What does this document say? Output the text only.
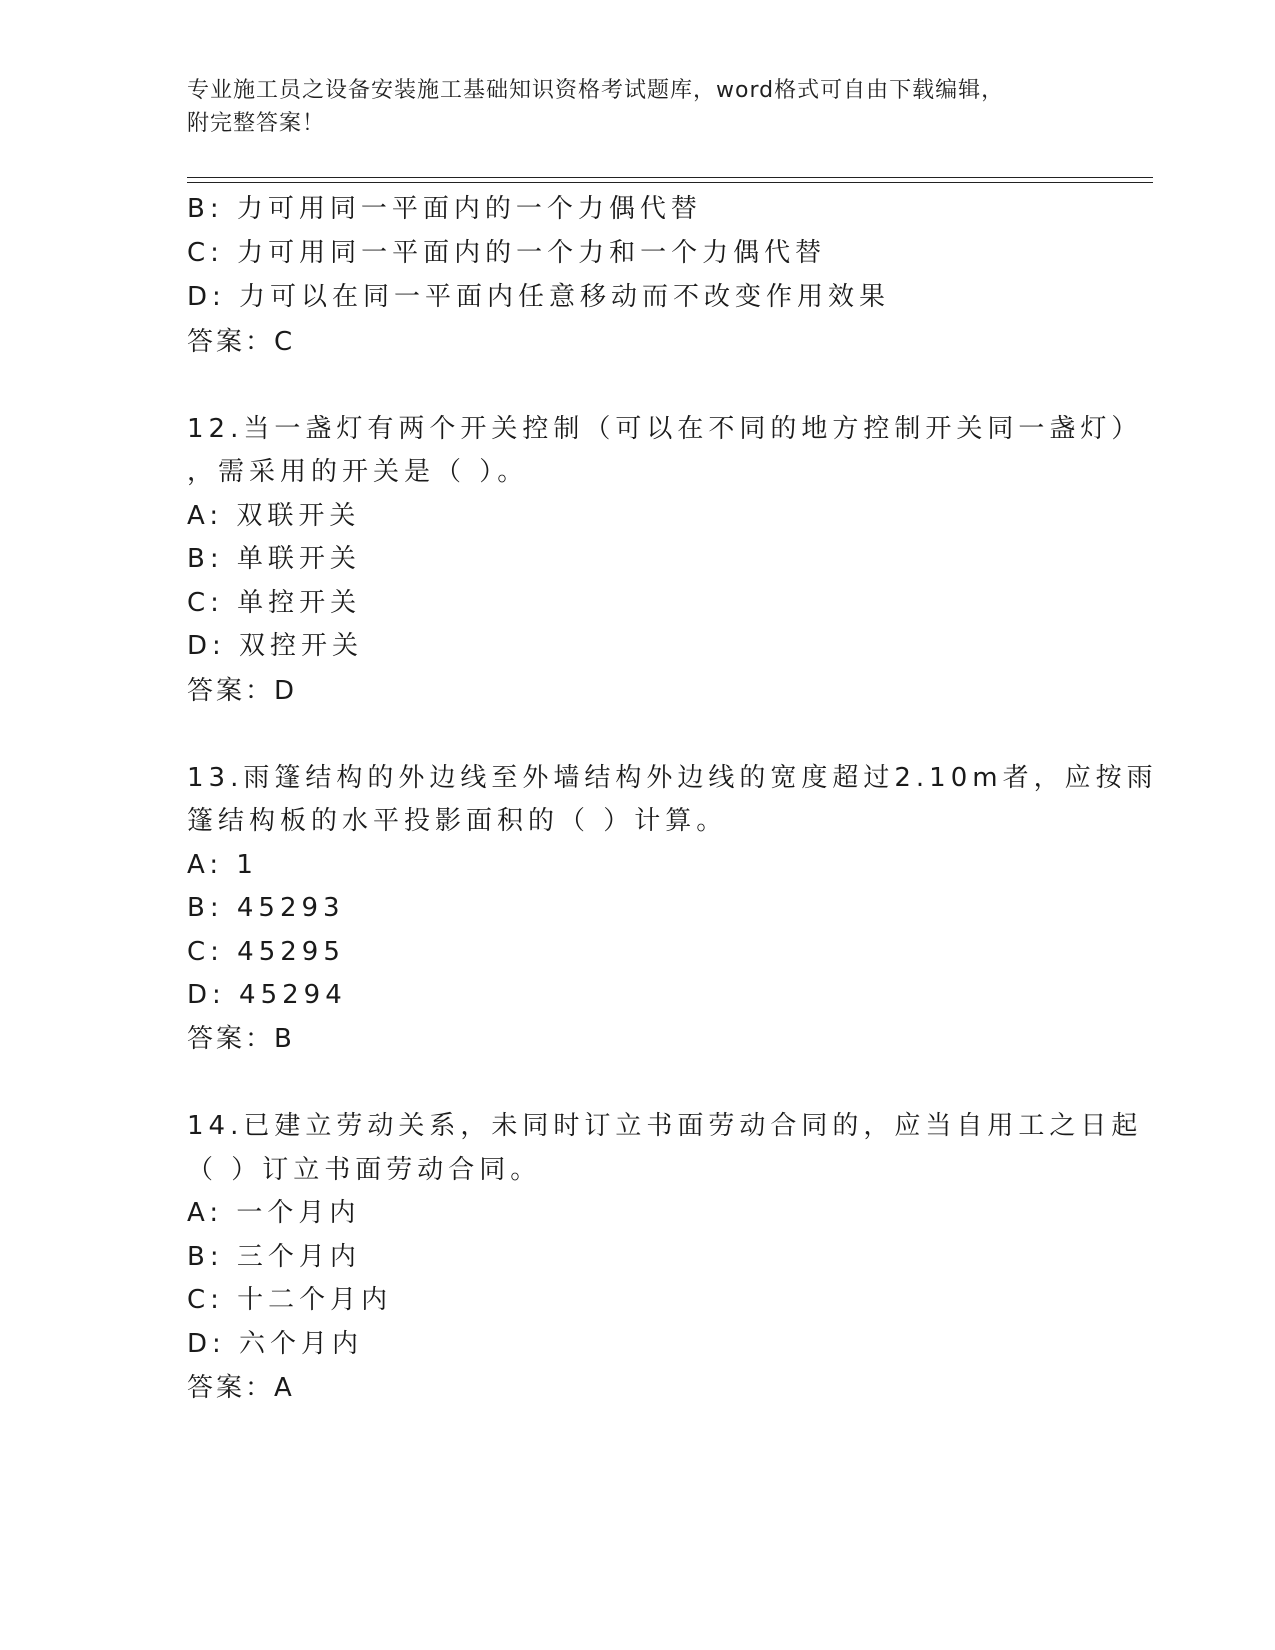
专业施工员之设备安装施工基础知识资格考试题库，word格式可自由下载编辑，
附完整答案！
B: 力可用同一平面内的一个力偶代替
C: 力可用同一平面内的一个力和一个力偶代替
D: 力可以在同一平面内任意移动而不改变作用效果
答案：C
12.当一盏灯有两个开关控制（可以在不同的地方控制开关同一盏灯）
，需采用的开关是（ ）。
A: 双联开关
B: 单联开关
C: 单控开关
D: 双控开关
答案：D
13.雨篷结构的外边线至外墙结构外边线的宽度超过2.10m者，应按雨
篷结构板的水平投影面积的（ ）计算。
A: 1
B: 45293
C: 45295
D: 45294
答案：B
14.已建立劳动关系，未同时订立书面劳动合同的，应当自用工之日起
（ ）订立书面劳动合同。
A: 一个月内
B: 三个月内
C: 十二个月内
D: 六个月内
答案：A
